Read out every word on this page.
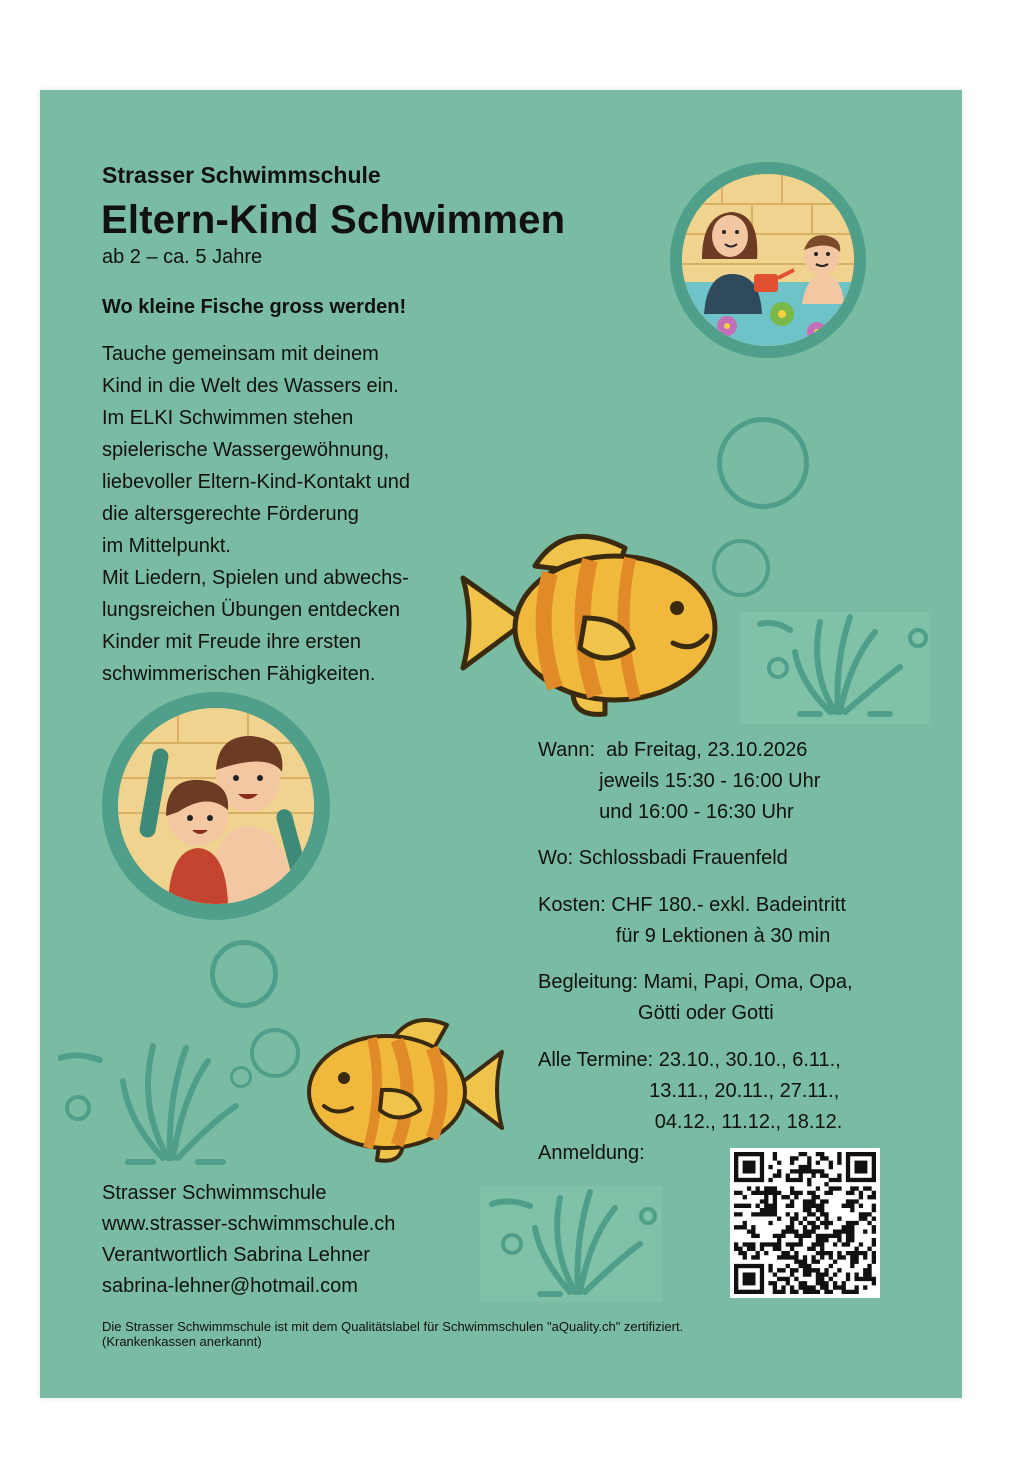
Strasser Schwimmschule
Eltern-Kind Schwimmen
ab 2 – ca. 5 Jahre
Wo kleine Fische gross werden!

Tauche gemeinsam mit deinem
Kind in die Welt des Wassers ein.
Im ELKI Schwimmen stehen
spielerische Wassergewöhnung,
liebevoller Eltern-Kind-Kontakt und
die altersgerechte Förderung
im Mittelpunkt.

Mit Liedern, Spielen und abwechs-
lungsreichen Übungen entdecken
Kinder mit Freude ihre ersten
schwimmerischen Fähigkeiten.

Wann:  ab Freitag, 23.10.2026
jeweils 15:30 - 16:00 Uhr
und 16:00 - 16:30 Uhr
Wo: Schlossbadi Frauenfeld
Kosten: CHF 180.- exkl. Badeintritt
für 9 Lektionen à 30 min
Begleitung: Mami, Papi, Oma, Opa,
Götti oder Gotti
Alle Termine: 23.10., 30.10., 6.11.,
13.11., 20.11., 27.11.,
04.12., 11.12., 18.12.
Anmeldung:
Strasser Schwimmschule
www.strasser-schwimmschule.ch
Verantwortlich Sabrina Lehner
sabrina-lehner@hotmail.com
Die Strasser Schwimmschule ist mit dem Qualitätslabel für Schwimmschulen "aQuality.ch" zertifiziert.
(Krankenkassen anerkannt)
